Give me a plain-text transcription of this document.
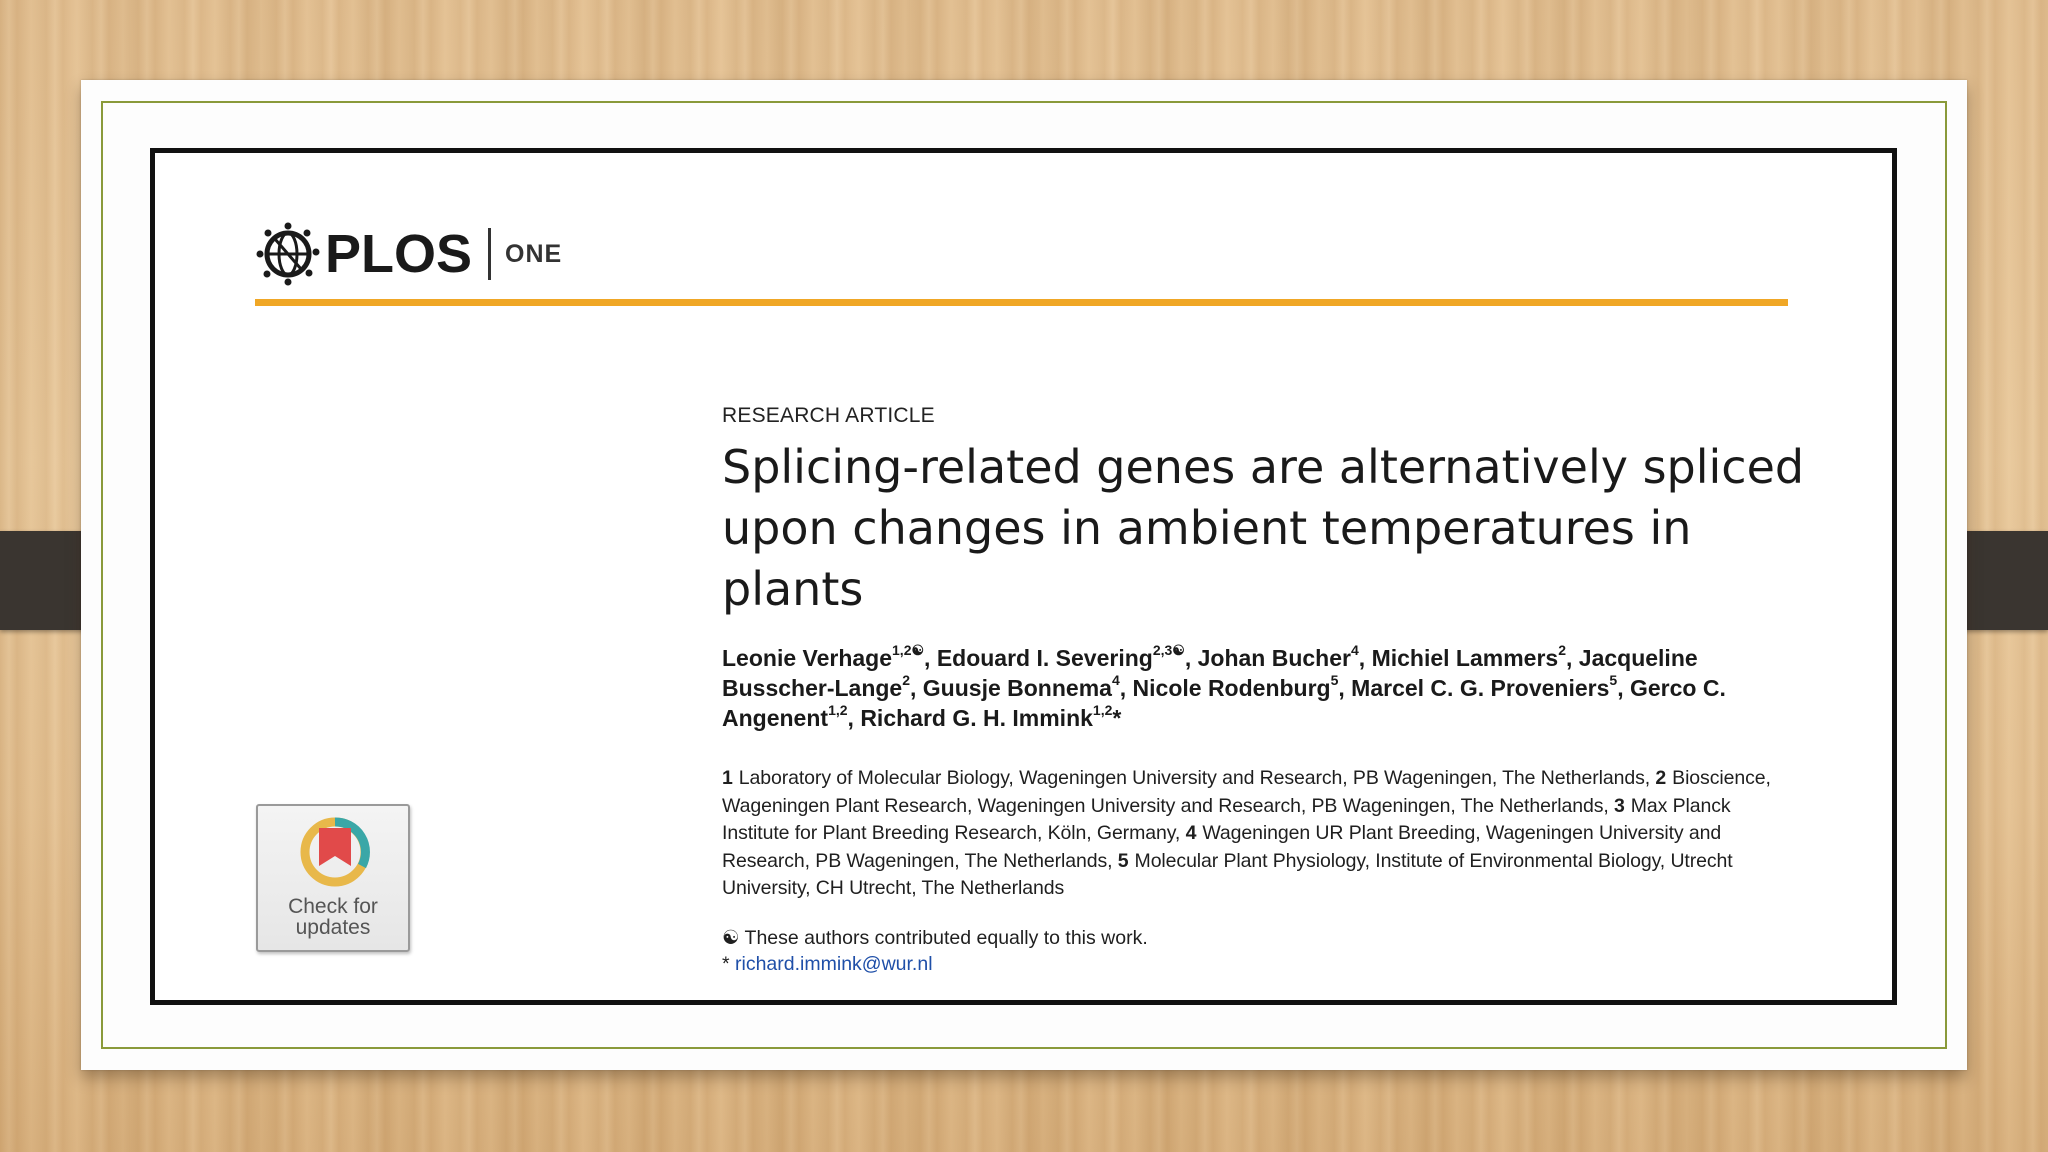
PLOS ONE
Check for
updates
RESEARCH ARTICLE
Splicing-related genes are alternatively spliced upon changes in ambient temperatures in plants
Leonie Verhage$^{1,2☯}$, Edouard I. Severing$^{2,3☯}$, Johan Bucher$^4$, Michiel Lammers$^2$, Jacqueline Busscher-Lange$^2$, Guusje Bonnema$^4$, Nicole Rodenburg$^5$, Marcel C. G. Proveniers$^5$, Gerco C. Angenent$^{1,2}$, Richard G. H. Immink$^{1,2}$*
1 Laboratory of Molecular Biology, Wageningen University and Research, PB Wageningen, The Netherlands, 2 Bioscience, Wageningen Plant Research, Wageningen University and Research, PB Wageningen, The Netherlands, 3 Max Planck Institute for Plant Breeding Research, Köln, Germany, 4 Wageningen UR Plant Breeding, Wageningen University and Research, PB Wageningen, The Netherlands, 5 Molecular Plant Physiology, Institute of Environmental Biology, Utrecht University, CH Utrecht, The Netherlands
☯ These authors contributed equally to this work.
* richard.immink@wur.nl
